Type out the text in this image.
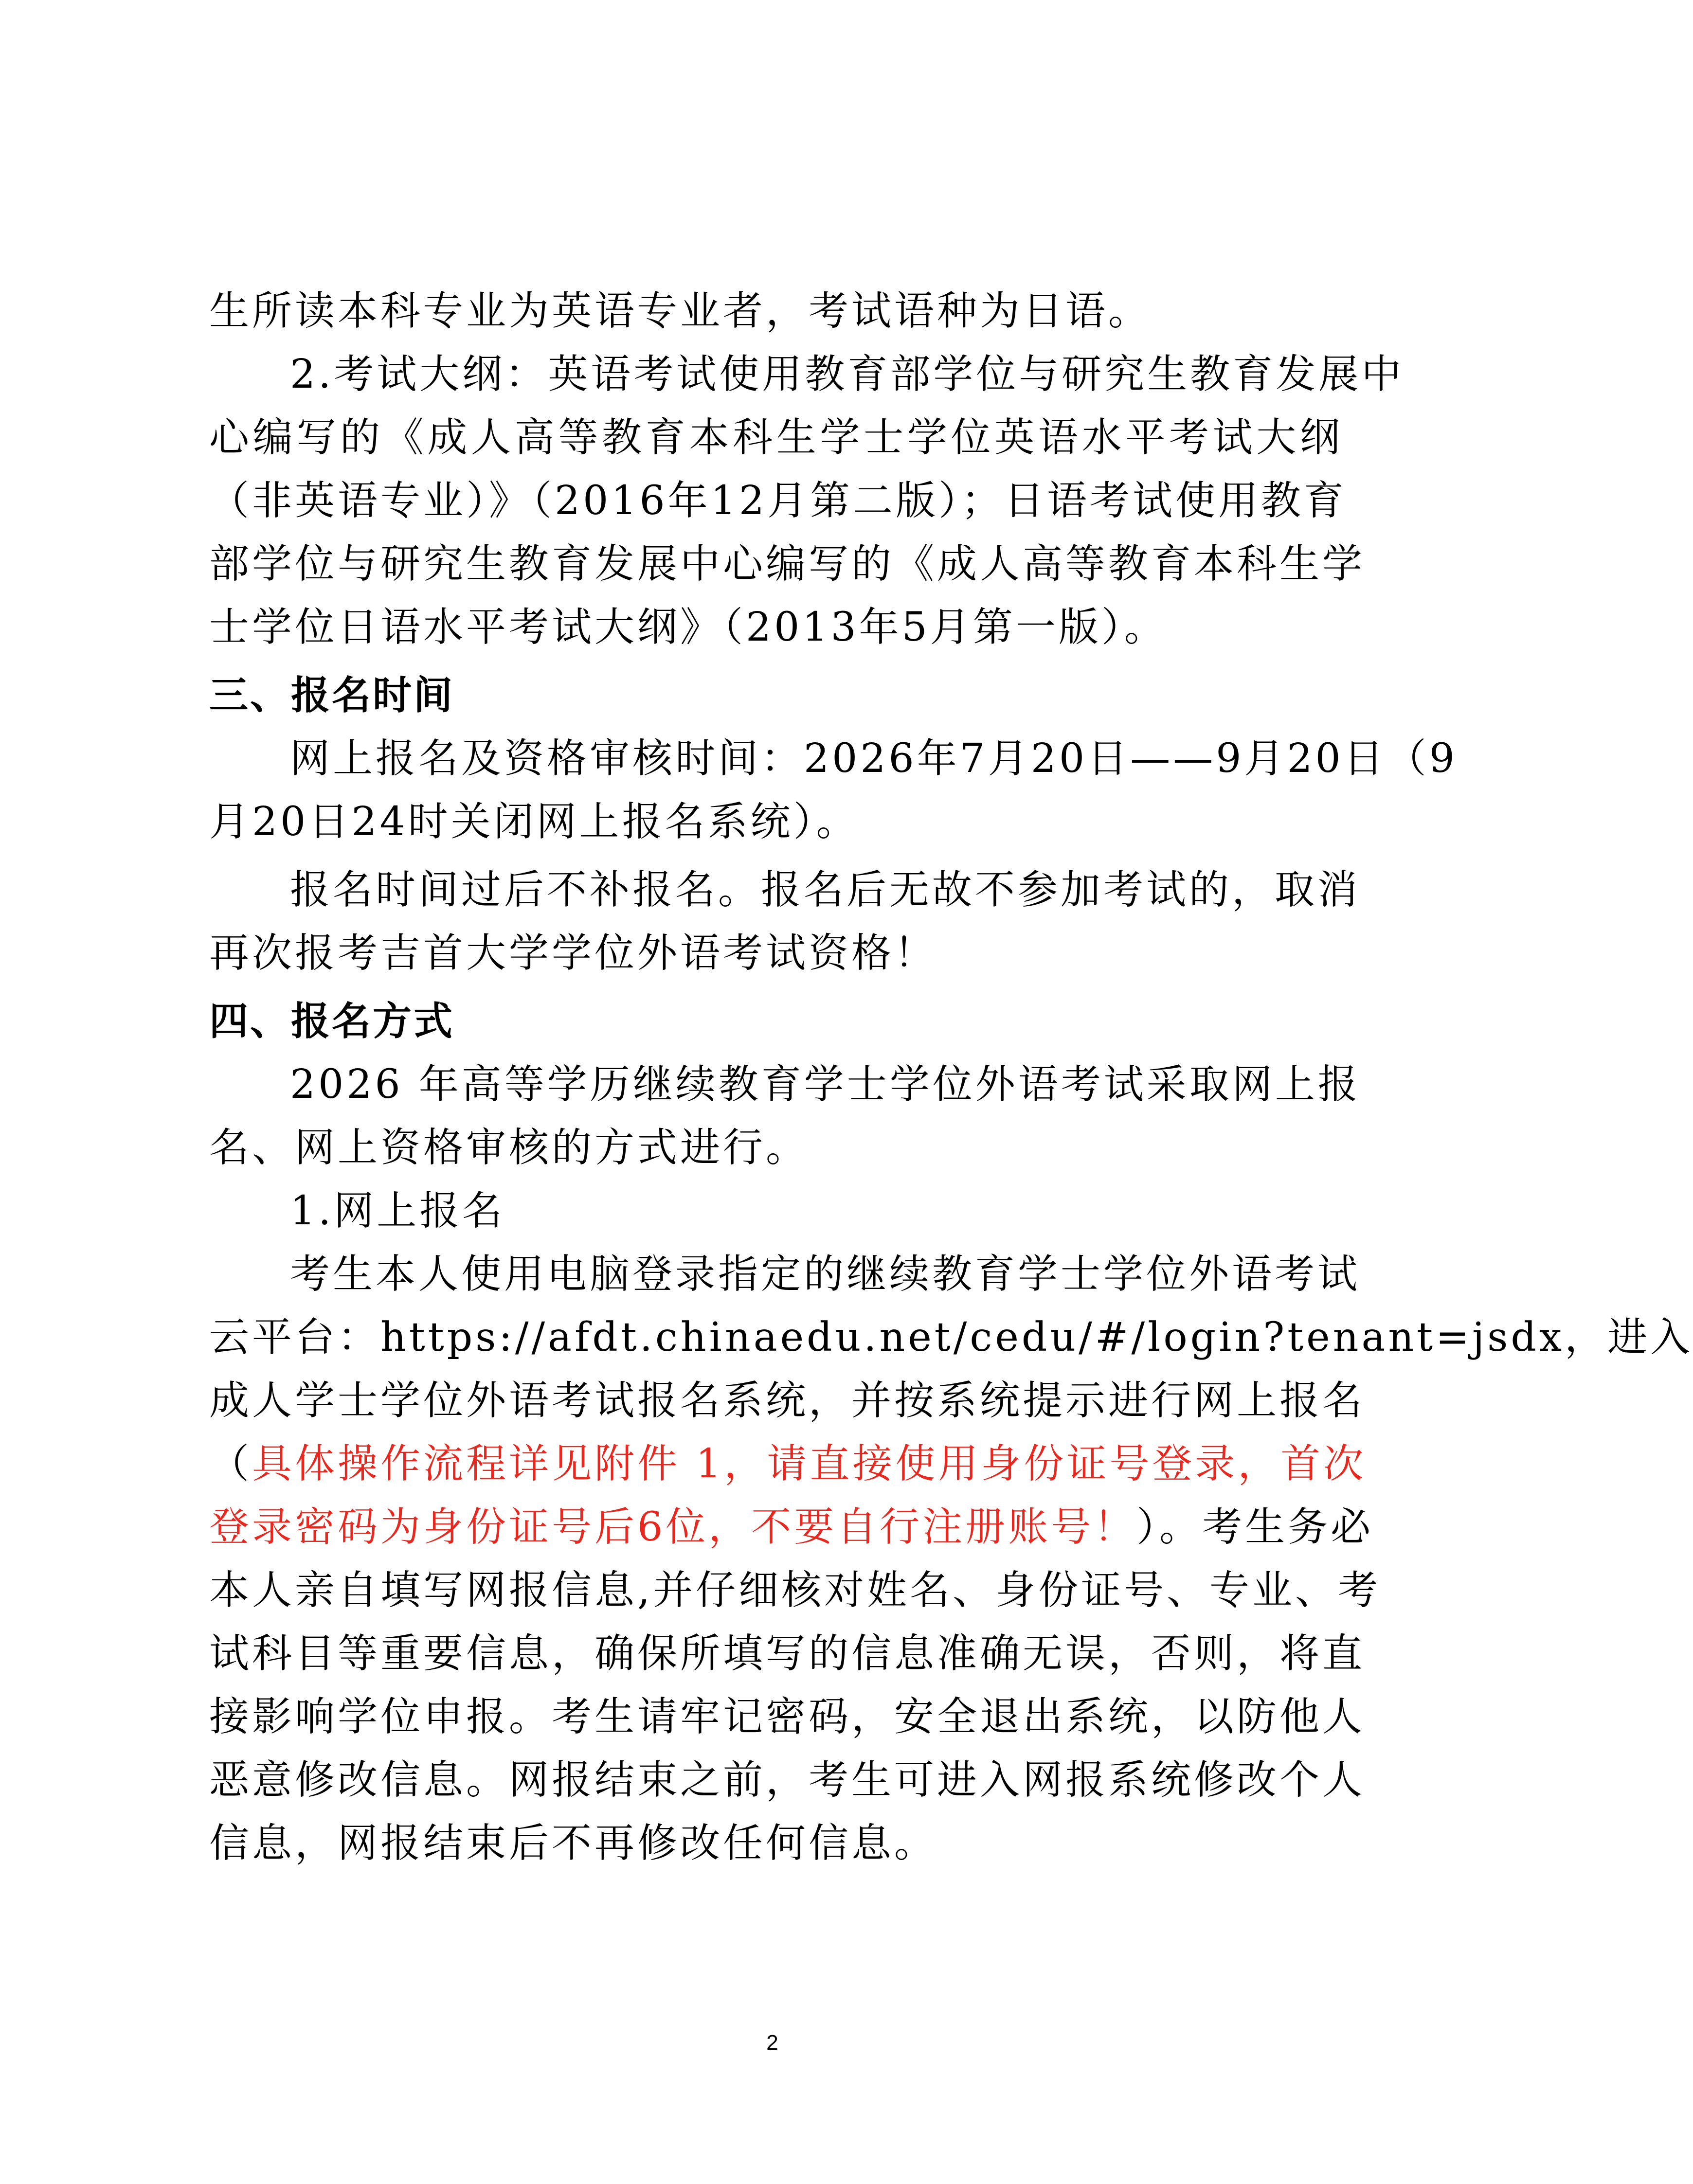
生所读本科专业为英语专业者，考试语种为日语。
2.考试大纲：英语考试使用教育部学位与研究生教育发展中
心编写的《成人高等教育本科生学士学位英语水平考试大纲
（非英语专业）》（2016年12月第二版）；日语考试使用教育
部学位与研究生教育发展中心编写的《成人高等教育本科生学
士学位日语水平考试大纲》（2013年5月第一版）。
三、报名时间
网上报名及资格审核时间：2026年7月20日——9月20日（9
月20日24时关闭网上报名系统）。
报名时间过后不补报名。报名后无故不参加考试的，取消
再次报考吉首大学学位外语考试资格！
四、报名方式
2026 年高等学历继续教育学士学位外语考试采取网上报
名、网上资格审核的方式进行。
1.网上报名
考生本人使用电脑登录指定的继续教育学士学位外语考试
云平台：https://afdt.chinaedu.net/cedu/#/login?tenant=jsdx，进入
成人学士学位外语考试报名系统，并按系统提示进行网上报名
（具体操作流程详见附件 1，请直接使用身份证号登录，首次
登录密码为身份证号后6位，不要自行注册账号！）。考生务必
本人亲自填写网报信息,并仔细核对姓名、身份证号、专业、考
试科目等重要信息，确保所填写的信息准确无误，否则，将直
接影响学位申报。考生请牢记密码，安全退出系统，以防他人
恶意修改信息。网报结束之前，考生可进入网报系统修改个人
信息，网报结束后不再修改任何信息。
2
